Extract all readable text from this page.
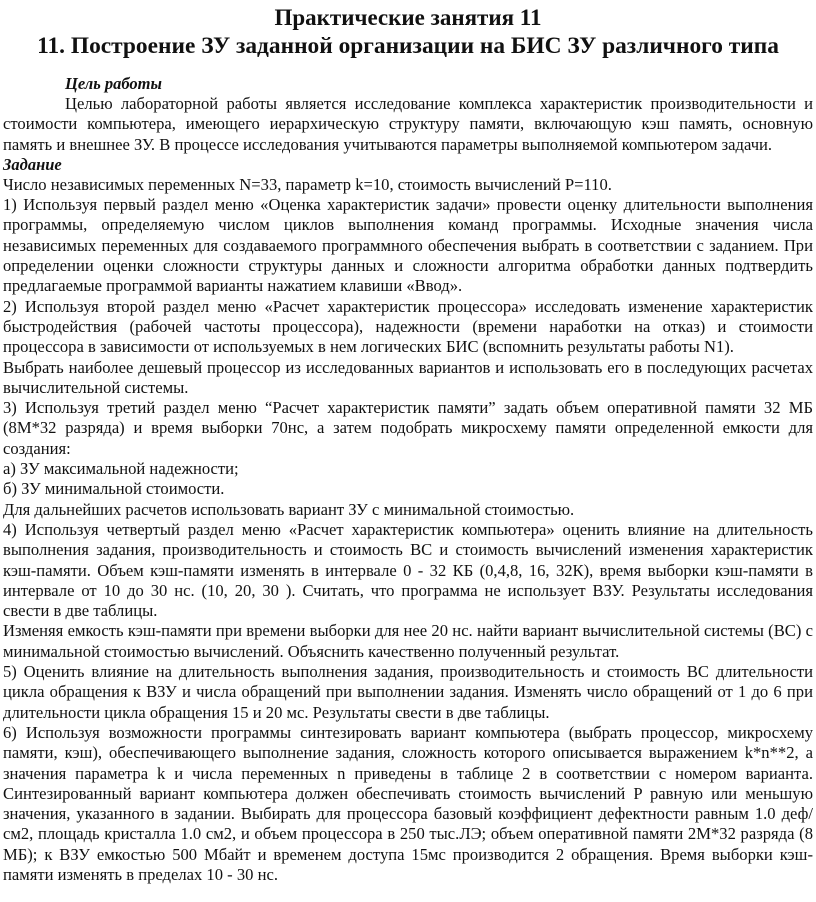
Практические занятия 11
11. Построение ЗУ заданной организации на БИС ЗУ различного типа

Цель работы

Целью лабораторной работы является исследование комплекса характеристик производительности и стоимости компьютера, имеющего иерархическую структуру памяти, включающую кэш память, основную память и внешнее ЗУ. В процессе исследования учитываются параметры выполняемой компьютером задачи.

Задание

Число независимых переменных N=33, параметр k=10, стоимость вычислений P=110.

1) Используя первый раздел меню «Оценка характеристик задачи» провести оценку длительности выполнения программы, определяемую числом циклов выполнения команд программы. Исходные значения числа независимых переменных для создаваемого программного обеспечения выбрать в соответствии с заданием. При определении оценки сложности структуры данных и сложности алгоритма обработки данных подтвердить предлагаемые программой варианты нажатием клавиши «Ввод».

2) Используя второй раздел меню «Расчет характеристик процессора» исследовать изменение характеристик быстродействия (рабочей частоты процессора), надежности (времени наработки на отказ) и стоимости процессора в зависимости от используемых в нем логических БИС (вспомнить результаты работы N1).

Выбрать наиболее дешевый процессор из исследованных вариантов и использовать его в последующих расчетах вычислительной системы.

3) Используя третий раздел меню “Расчет характеристик памяти” задать объем оперативной памяти 32 МБ (8М*32 разряда) и время выборки 70нс, а затем подобрать микросхему памяти определенной емкости для создания:

а) ЗУ максимальной надежности;

б) ЗУ минимальной стоимости.

Для дальнейших расчетов использовать вариант ЗУ с минимальной стоимостью.

4) Используя четвертый раздел меню «Расчет характеристик компьютера» оценить влияние на длительность выполнения задания, производительность и стоимость ВС и стоимость вычислений изменения характеристик кэш-памяти. Объем кэш-памяти изменять в интервале 0 - 32 КБ (0,4,8, 16, 32К), время выборки кэш-памяти в интервале от 10 до 30 нс. (10, 20, 30 ). Считать, что программа не использует ВЗУ. Результаты исследования свести в две таблицы.

Изменяя емкость кэш-памяти при времени выборки для нее 20 нс. найти вариант вычислительной системы (ВС) с минимальной стоимостью вычислений. Объяснить качественно полученный результат.

5) Оценить влияние на длительность выполнения задания, производительность и стоимость ВС длительности цикла обращения к ВЗУ и числа обращений при выполнении задания. Изменять число обращений от 1 до 6 при длительности цикла обращения 15 и 20 мс. Результаты свести в две таблицы.

6) Используя возможности программы синтезировать вариант компьютера (выбрать процессор, микросхему памяти, кэш), обеспечивающего выполнение задания, сложность которого описывается выражением k*n**2, а значения параметра k и числа переменных n приведены в таблице 2 в соответствии с номером варианта. Синтезированный вариант компьютера должен обеспечивать стоимость вычислений P равную или меньшую значения, указанного в задании. Выбирать для процессора базовый коэффициент дефектности равным 1.0 деф/см2, площадь кристалла 1.0 см2, и объем процессора в 250 тыс.ЛЭ; объем оперативной памяти 2М*32 разряда (8 МБ); к ВЗУ емкостью 500 Мбайт и временем доступа 15мс производится 2 обращения. Время выборки кэш-памяти изменять в пределах 10 - 30 нс.
